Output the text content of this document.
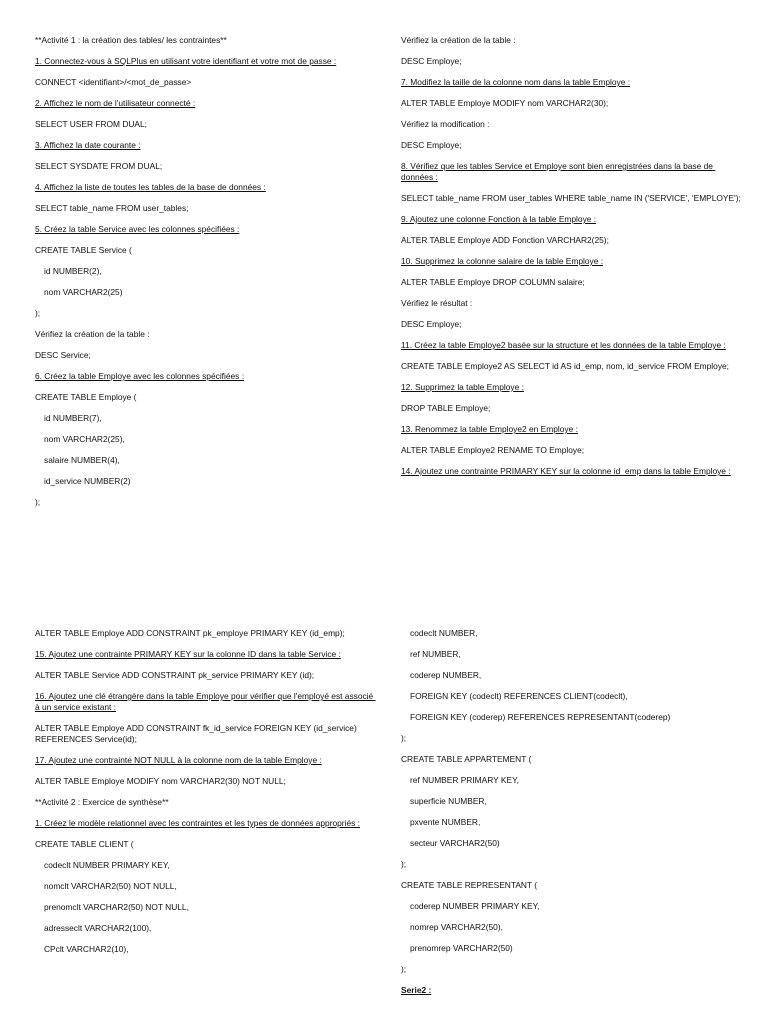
**Activité 1 : la création des tables/ les contraintes**

1. Connectez-vous à SQLPlus en utilisant votre identifiant et votre mot de passe :

CONNECT <identifiant>/<mot_de_passe>

2. Affichez le nom de l'utilisateur connecté :

SELECT USER FROM DUAL;

3. Affichez la date courante :

SELECT SYSDATE FROM DUAL;

4. Affichez la liste de toutes les tables de la base de données :

SELECT table_name FROM user_tables;

5. Créez la table Service avec les colonnes spécifiées :

CREATE TABLE Service (

id NUMBER(2),

nom VARCHAR2(25)

);

Vérifiez la création de la table :

DESC Service;

6. Créez la table Employe avec les colonnes spécifiées :

CREATE TABLE Employe (

id NUMBER(7),

nom VARCHAR2(25),

salaire NUMBER(4),

id_service NUMBER(2)

);

Vérifiez la création de la table :

DESC Employe;

7. Modifiez la taille de la colonne nom dans la table Employe :

ALTER TABLE Employe MODIFY nom VARCHAR2(30);

Vérifiez la modification :

DESC Employe;

8. Vérifiez que les tables Service et Employe sont bien enregistrées dans la base de données :

SELECT table_name FROM user_tables WHERE table_name IN ('SERVICE', 'EMPLOYE');

9. Ajoutez une colonne Fonction à la table Employe :

ALTER TABLE Employe ADD Fonction VARCHAR2(25);

10. Supprimez la colonne salaire de la table Employe :

ALTER TABLE Employe DROP COLUMN salaire;

Vérifiez le résultat :

DESC Employe;

11. Créez la table Employe2 basée sur la structure et les données de la table Employe :

CREATE TABLE Employe2 AS SELECT id AS id_emp, nom, id_service FROM Employe;

12. Supprimez la table Employe :

DROP TABLE Employe;

13. Renommez la table Employe2 en Employe :

ALTER TABLE Employe2 RENAME TO Employe;

14. Ajoutez une contrainte PRIMARY KEY sur la colonne id_emp dans la table Employe :

ALTER TABLE Employe ADD CONSTRAINT pk_employe PRIMARY KEY (id_emp);

15. Ajoutez une contrainte PRIMARY KEY sur la colonne ID dans la table Service :

ALTER TABLE Service ADD CONSTRAINT pk_service PRIMARY KEY (id);

16. Ajoutez une clé étrangère dans la table Employe pour vérifier que l'employé est associé à un service existant :

ALTER TABLE Employe ADD CONSTRAINT fk_id_service FOREIGN KEY (id_service) REFERENCES Service(id);

17. Ajoutez une contrainte NOT NULL à la colonne nom de la table Employe :

ALTER TABLE Employe MODIFY nom VARCHAR2(30) NOT NULL;

**Activité 2 : Exercice de synthèse**

1. Créez le modèle relationnel avec les contraintes et les types de données appropriés :

CREATE TABLE CLIENT (

codeclt NUMBER PRIMARY KEY,

nomclt VARCHAR2(50) NOT NULL,

prenomclt VARCHAR2(50) NOT NULL,

adresseclt VARCHAR2(100),

CPclt VARCHAR2(10),

codeclt NUMBER,

ref NUMBER,

coderep NUMBER,

FOREIGN KEY (codeclt) REFERENCES CLIENT(codeclt),

FOREIGN KEY (coderep) REFERENCES REPRESENTANT(coderep)

);

CREATE TABLE APPARTEMENT (

ref NUMBER PRIMARY KEY,

superficie NUMBER,

pxvente NUMBER,

secteur VARCHAR2(50)

);

CREATE TABLE REPRESENTANT (

coderep NUMBER PRIMARY KEY,

nomrep VARCHAR2(50),

prenomrep VARCHAR2(50)

);

Serie2 :
